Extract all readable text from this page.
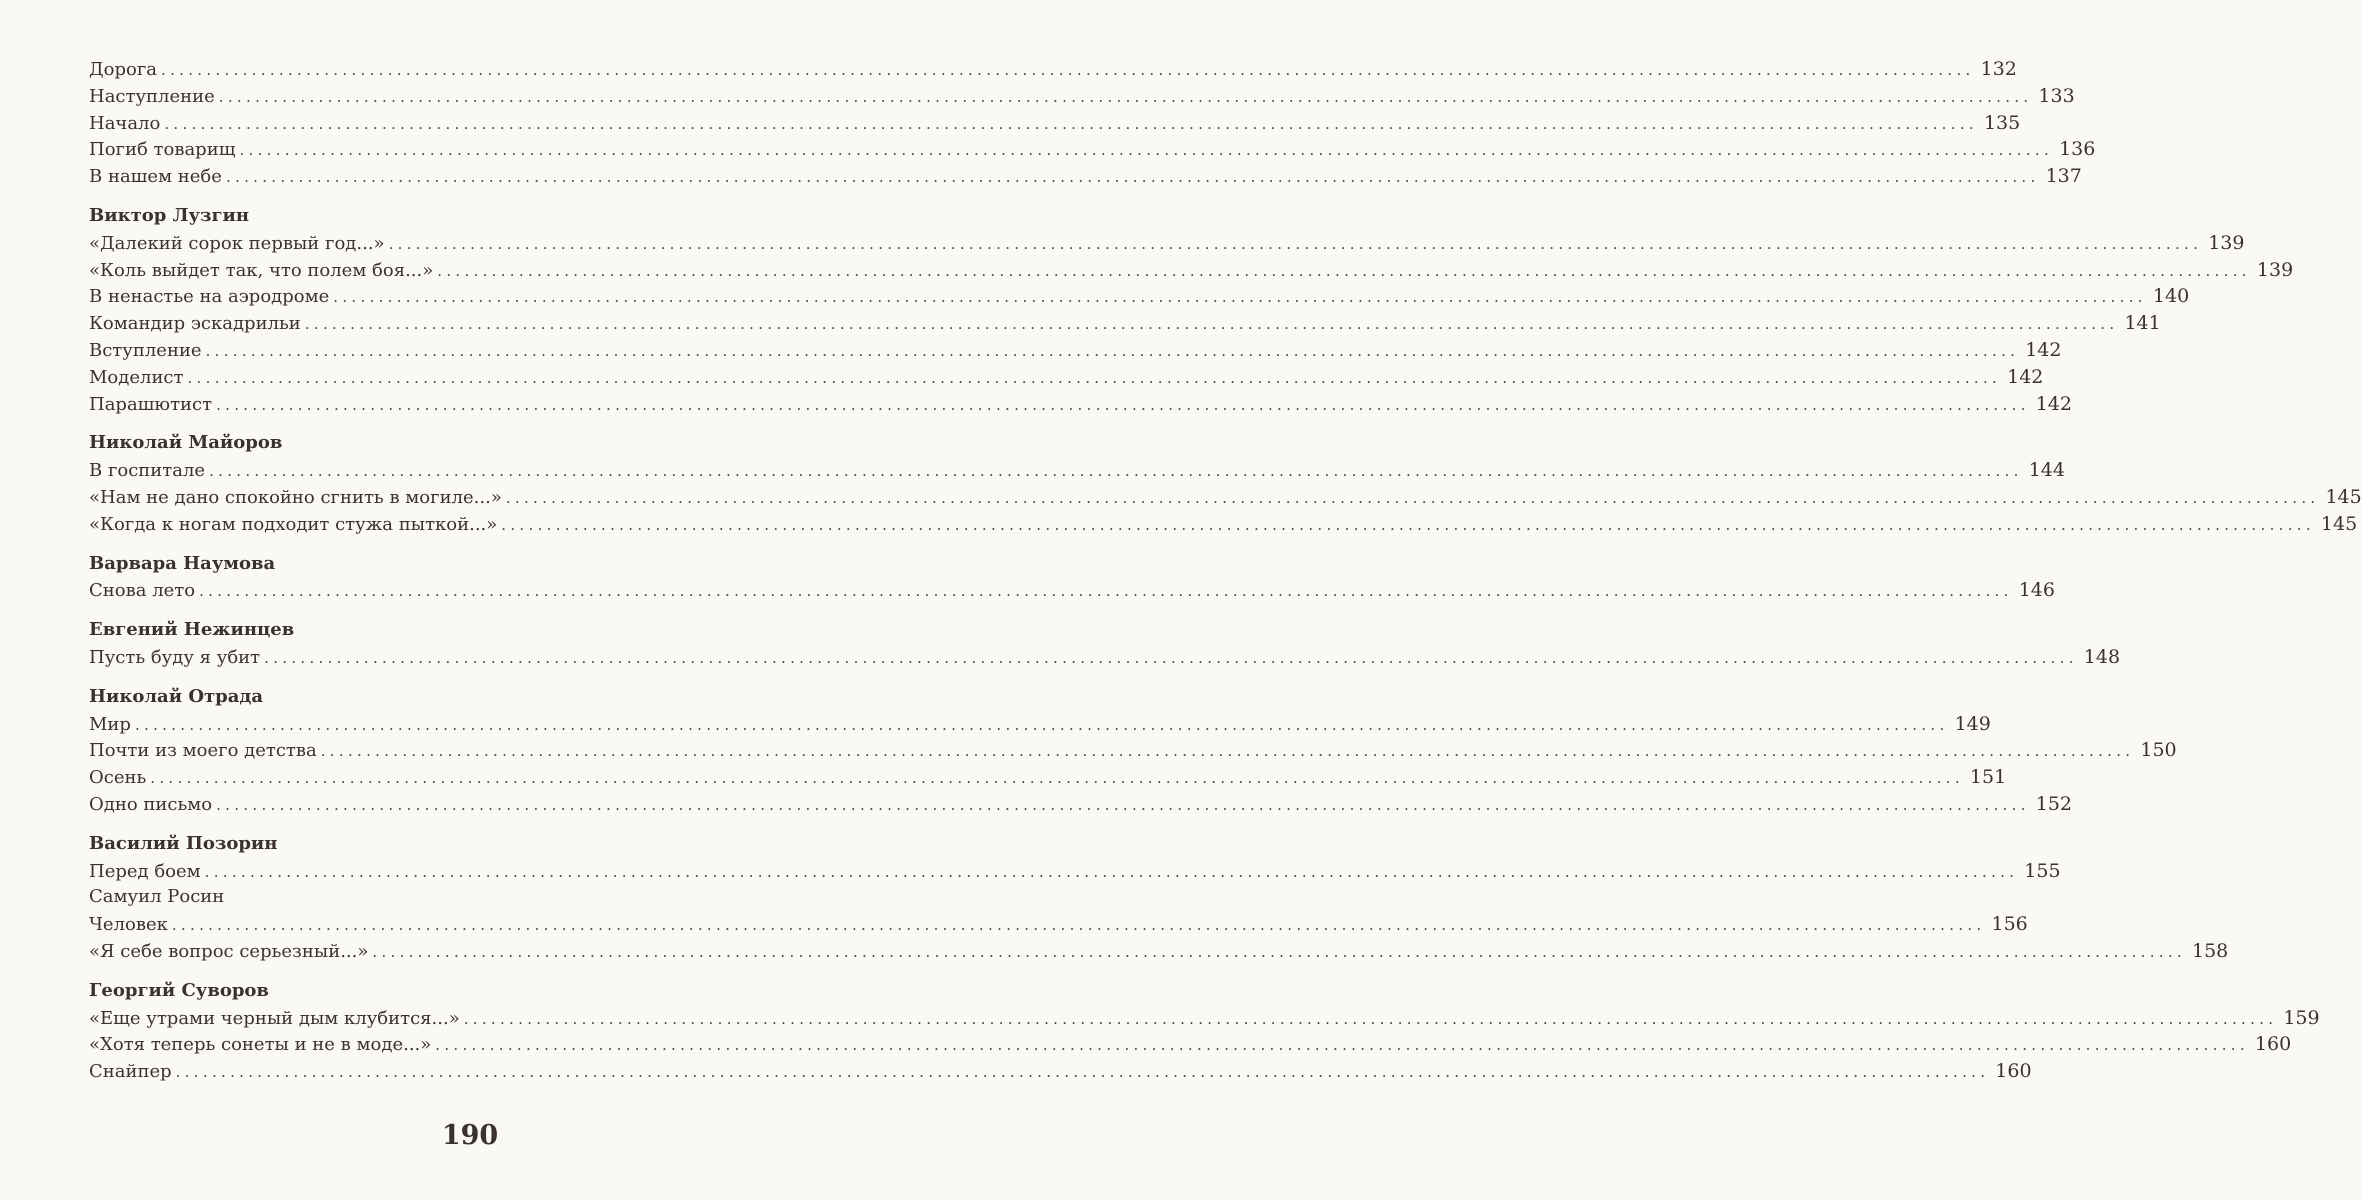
Дорога ........................................................................................................................................................................................................ 132
Наступление ........................................................................................................................................................................................................ 133
Начало ........................................................................................................................................................................................................ 135
Погиб товарищ ........................................................................................................................................................................................................ 136
В нашем небе ........................................................................................................................................................................................................ 137
Виктор Лузгин
«Далекий сорок первый год...» ........................................................................................................................................................................................................ 139
«Коль выйдет так, что полем боя...» ........................................................................................................................................................................................................ 139
В ненастье на аэродроме ........................................................................................................................................................................................................ 140
Командир эскадрильи ........................................................................................................................................................................................................ 141
Вступление ........................................................................................................................................................................................................ 142
Моделист ........................................................................................................................................................................................................ 142
Парашютист ........................................................................................................................................................................................................ 142
Николай Майоров
В госпитале ........................................................................................................................................................................................................ 144
«Нам не дано спокойно сгнить в могиле...» ........................................................................................................................................................................................................ 145
«Когда к ногам подходит стужа пыткой...» ........................................................................................................................................................................................................ 145
Варвара Наумова
Снова лето ........................................................................................................................................................................................................ 146
Евгений Нежинцев
Пусть буду я убит ........................................................................................................................................................................................................ 148
Николай Отрада
Мир ........................................................................................................................................................................................................ 149
Почти из моего детства ........................................................................................................................................................................................................ 150
Осень ........................................................................................................................................................................................................ 151
Одно письмо ........................................................................................................................................................................................................ 152
Василий Позорин
Перед боем ........................................................................................................................................................................................................ 155
Самуил Росин
Человек ........................................................................................................................................................................................................ 156
«Я себе вопрос серьезный...» ........................................................................................................................................................................................................ 158
Георгий Суворов
«Еще утрами черный дым клубится...» ........................................................................................................................................................................................................ 159
«Хотя теперь сонеты и не в моде...» ........................................................................................................................................................................................................ 160
Снайпер ........................................................................................................................................................................................................ 160
190
